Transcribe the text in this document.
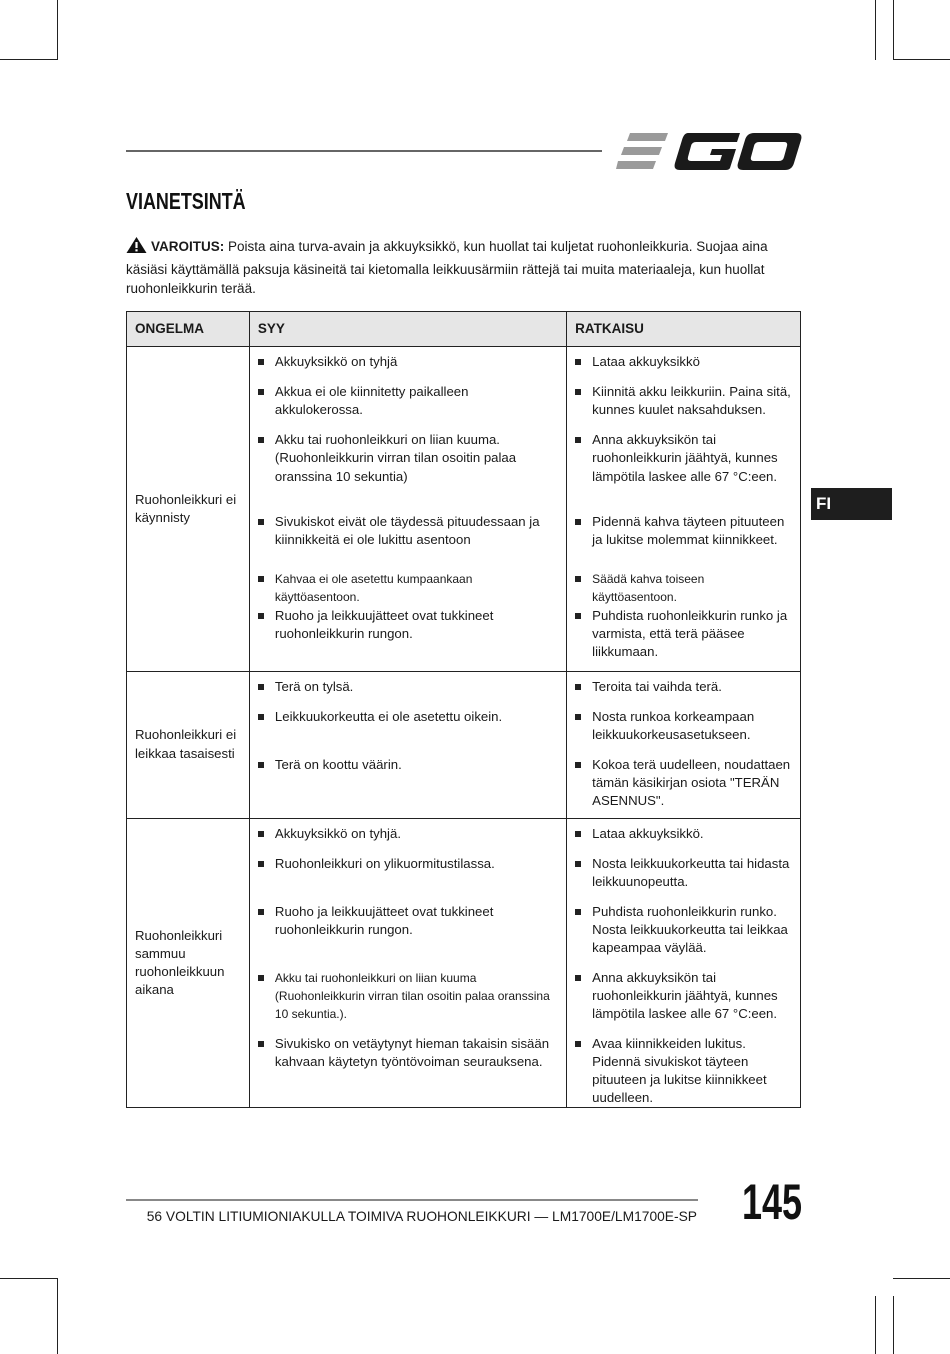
VIANETSINTÄ
VAROITUS: Poista aina turva-avain ja akkuyksikkö, kun huollat tai kuljetat ruohonleikkuria. Suojaa aina käsiäsi käyttämällä paksuja käsineitä tai kietomalla leikkuusärmiin rättejä tai muita materiaaleja, kun huollat ruohonleikkurin terää.
ONGELMA	SYY	RATKAISU
Ruohonleikkuri ei käynnisty	Akkuyksikkö on tyhjä	Lataa akkuyksikkö

	Akkua ei ole kiinnitetty paikalleen akkulokerossa.	Kiinnitä akku leikkuriin. Paina sitä, kunnes kuulet naksahduksen.

	Akku tai ruohonleikkuri on liian kuuma. (Ruohonleikkurin virran tilan osoitin palaa oranssina 10 sekuntia)	Anna akkuyksikön tai ruohonleikkurin jäähtyä, kunnes lämpötila laskee alle 67 °C:een.

	Sivukiskot eivät ole täydessä pituudessaan ja kiinnikkeitä ei ole lukittu asentoon	Pidennä kahva täyteen pituuteen ja lukitse molemmat kiinnikkeet.

	Kahvaa ei ole asetettu kumpaankaan käyttöasentoon.	Säädä kahva toiseen käyttöasentoon.

	Ruoho ja leikkuujätteet ovat tukkineet ruohonleikkurin rungon.	Puhdista ruohonleikkurin runko ja varmista, että terä pääsee liikkumaan.

Ruohonleikkuri ei leikkaa tasaisesti	Terä on tylsä.	Teroita tai vaihda terä.

	Leikkuukorkeutta ei ole asetettu oikein.	Nosta runkoa korkeampaan leikkuukorkeusasetukseen.

	Terä on koottu väärin.	Kokoa terä uudelleen, noudattaen tämän käsikirjan osiota "TERÄN ASENNUS".

Ruohonleikkuri sammuu ruohonleikkuun aikana	Akkuyksikkö on tyhjä.	Lataa akkuyksikkö.

	Ruohonleikkuri on ylikuormitustilassa.	Nosta leikkuukorkeutta tai hidasta leikkuunopeutta.

	Ruoho ja leikkuujätteet ovat tukkineet ruohonleikkurin rungon.	Puhdista ruohonleikkurin runko. Nosta leikkuukorkeutta tai leikkaa kapeampaa väylää.

	Akku tai ruohonleikkuri on liian kuuma (Ruohonleikkurin virran tilan osoitin palaa oranssina 10 sekuntia.).	Anna akkuyksikön tai ruohonleikkurin jäähtyä, kunnes lämpötila laskee alle 67 °C:een.

	Sivukisko on vetäytynyt hieman takaisin sisään kahvaan käytetyn työntövoiman seurauksena.	Avaa kiinnikkeiden lukitus. Pidennä sivukiskot täyteen pituuteen ja lukitse kiinnikkeet uudelleen.
FI
56 VOLTIN LITIUMIONIAKULLA TOIMIVA RUOHONLEIKKURI — LM1700E/LM1700E-SP 145
